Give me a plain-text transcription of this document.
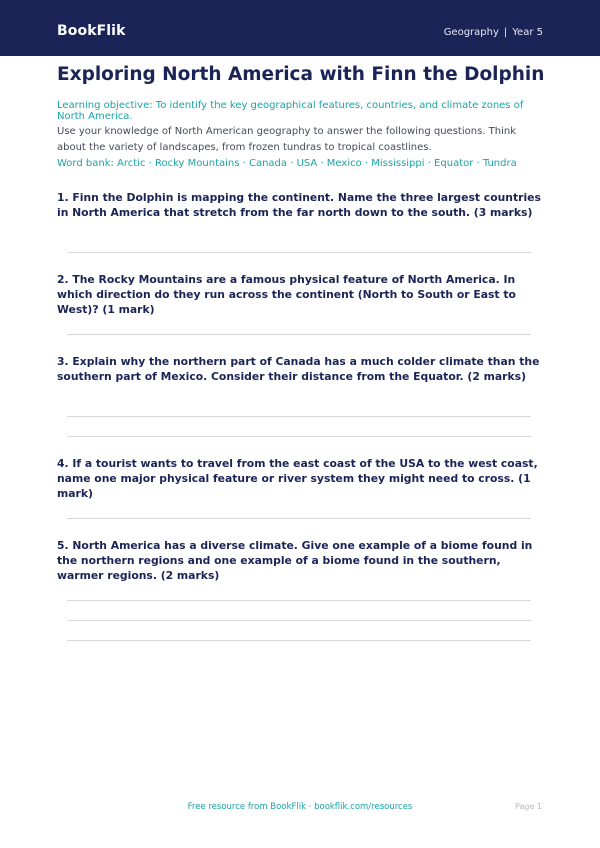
BookFlik	Geography | Year 5
Exploring North America with Finn the Dolphin
Learning objective: To identify the key geographical features, countries, and climate zones of North America.
Use your knowledge of North American geography to answer the following questions. Think about the variety of landscapes, from frozen tundras to tropical coastlines.
Word bank: Arctic · Rocky Mountains · Canada · USA · Mexico · Mississippi · Equator · Tundra

1. Finn the Dolphin is mapping the continent. Name the three largest countries in North America that stretch from the far north down to the south. (3 marks)

2. The Rocky Mountains are a famous physical feature of North America. In which direction do they run across the continent (North to South or East to West)? (1 mark)

3. Explain why the northern part of Canada has a much colder climate than the southern part of Mexico. Consider their distance from the Equator. (2 marks)

4. If a tourist wants to travel from the east coast of the USA to the west coast, name one major physical feature or river system they might need to cross. (1 mark)

5. North America has a diverse climate. Give one example of a biome found in the northern regions and one example of a biome found in the southern, warmer regions. (2 marks)

Free resource from BookFlik · bookflik.com/resources	Page 1
